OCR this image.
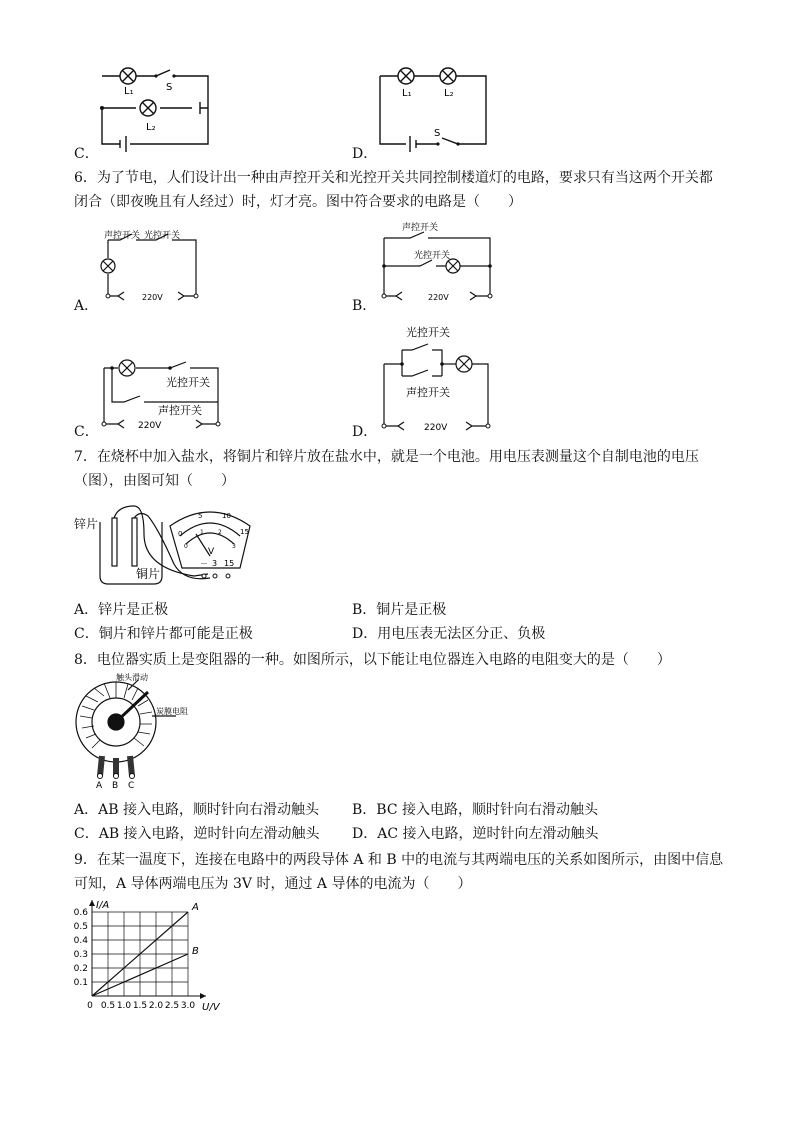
L₁	S
L₂
C．
L₁	L₂
S
D．
6．为了节电，人们设计出一种由声控开关和光控开关共同控制楼道灯的电路，要求只有当这两个开关都
闭合（即夜晚且有人经过）时，灯才亮。图中符合要求的电路是（　　）
声控开关 光控开关
220V
A．
声控开关
光控开关
220V
B．
光控开关
声控开关
220V
C．
光控开关
声控开关
220V
D．
7．在烧杯中加入盐水，将铜片和锌片放在盐水中，就是一个电池。用电压表测量这个自制电池的电压
（图），由图可知（　　）
锌片
铜片
0
5	10
15
0
1 2
3
V
－ 3 15
A．锌片是正极	B．铜片是正极
C．铜片和锌片都可能是正极	D．用电压表无法区分正、负极
8．电位器实质上是变阻器的一种。如图所示，以下能让电位器连入电路的电阻变大的是（　　）
触头滑动
炭膜电阻
A B C
A．AB 接入电路，顺时针向右滑动触头 B．BC 接入电路，顺时针向右滑动触头
C．AB 接入电路，逆时针向左滑动触头 D．AC 接入电路，逆时针向左滑动触头
9．在某一温度下，连接在电路中的两段导体 A 和 B 中的电流与其两端电压的关系如图所示，由图中信息
可知，A 导体两端电压为 3V 时，通过 A 导体的电流为（　　）
0 0.5 1.0 1.5 2.0 2.5 3.0
0.1
0.2
0.3
0.4
0.5
0.6
U/V
I/A	A
B
